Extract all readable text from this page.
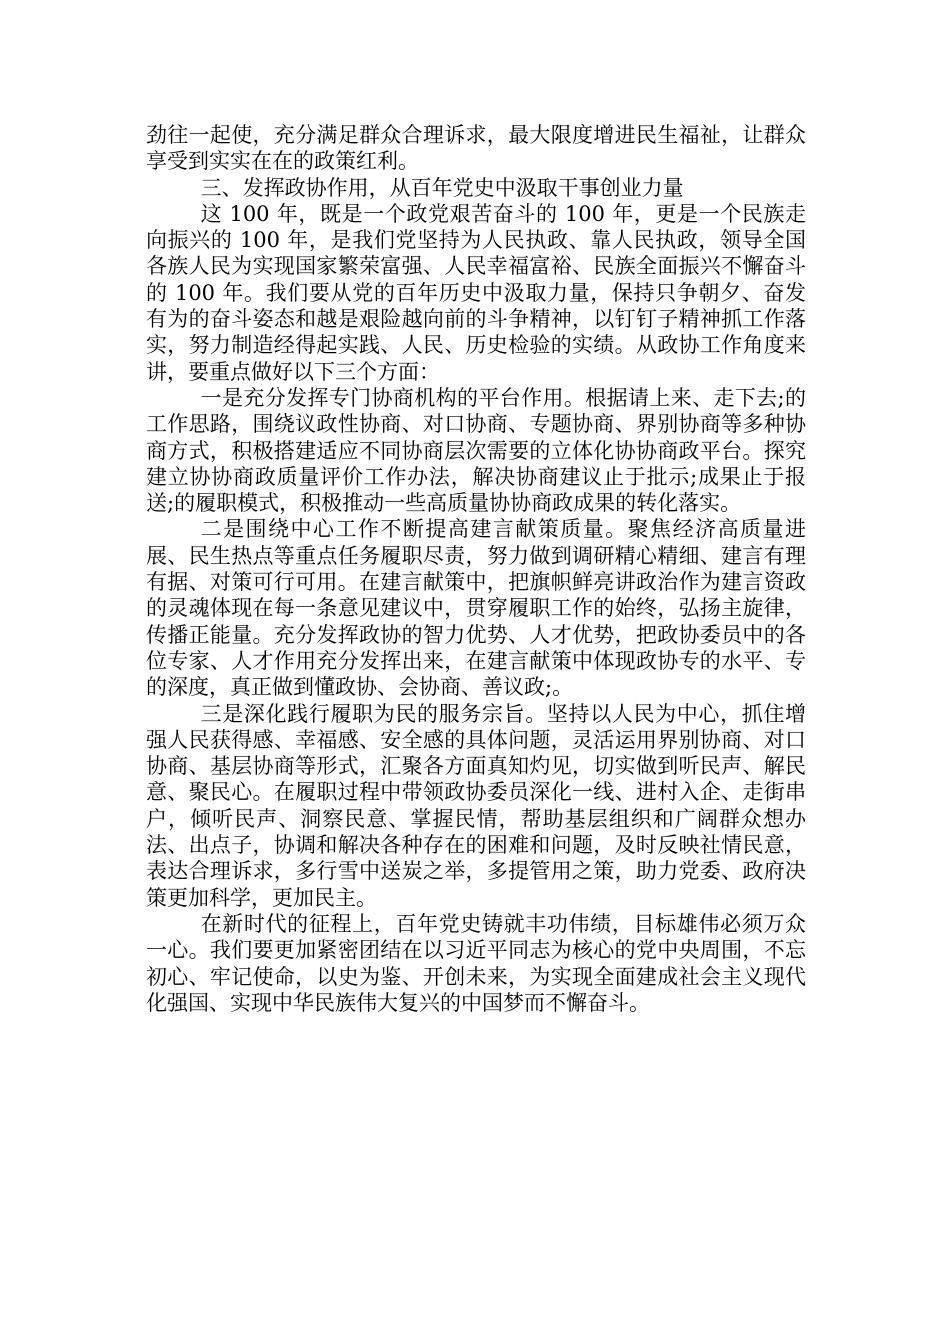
劲往一起使，充分满足群众合理诉求，最大限度增进民生福祉，让群众享受到实实在在的政策红利。

三、发挥政协作用，从百年党史中汲取干事创业力量

这 100 年，既是一个政党艰苦奋斗的 100 年，更是一个民族走向振兴的 100 年，是我们党坚持为人民执政、靠人民执政，领导全国各族人民为实现国家繁荣富强、人民幸福富裕、民族全面振兴不懈奋斗的 100 年。我们要从党的百年历史中汲取力量，保持只争朝夕、奋发有为的奋斗姿态和越是艰险越向前的斗争精神，以钉钉子精神抓工作落实，努力制造经得起实践、人民、历史检验的实绩。从政协工作角度来讲，要重点做好以下三个方面：

一是充分发挥专门协商机构的平台作用。根据请上来、走下去;的工作思路，围绕议政性协商、对口协商、专题协商、界别协商等多种协商方式，积极搭建适应不同协商层次需要的立体化协协商政平台。探究建立协协商政质量评价工作办法，解决协商建议止于批示;成果止于报送;的履职模式，积极推动一些高质量协协商政成果的转化落实。

二是围绕中心工作不断提高建言献策质量。聚焦经济高质量进展、民生热点等重点任务履职尽责，努力做到调研精心精细、建言有理有据、对策可行可用。在建言献策中，把旗帜鲜亮讲政治作为建言资政的灵魂体现在每一条意见建议中，贯穿履职工作的始终，弘扬主旋律，传播正能量。充分发挥政协的智力优势、人才优势，把政协委员中的各位专家、人才作用充分发挥出来，在建言献策中体现政协专的水平、专的深度，真正做到懂政协、会协商、善议政;。

三是深化践行履职为民的服务宗旨。坚持以人民为中心，抓住增强人民获得感、幸福感、安全感的具体问题，灵活运用界别协商、对口协商、基层协商等形式，汇聚各方面真知灼见，切实做到听民声、解民意、聚民心。在履职过程中带领政协委员深化一线、进村入企、走街串户，倾听民声、洞察民意、掌握民情，帮助基层组织和广阔群众想办法、出点子，协调和解决各种存在的困难和问题，及时反映社情民意，表达合理诉求，多行雪中送炭之举，多提管用之策，助力党委、政府决策更加科学，更加民主。

在新时代的征程上，百年党史铸就丰功伟绩，目标雄伟必须万众一心。我们要更加紧密团结在以习近平同志为核心的党中央周围，不忘初心、牢记使命，以史为鉴、开创未来，为实现全面建成社会主义现代化强国、实现中华民族伟大复兴的中国梦而不懈奋斗。
